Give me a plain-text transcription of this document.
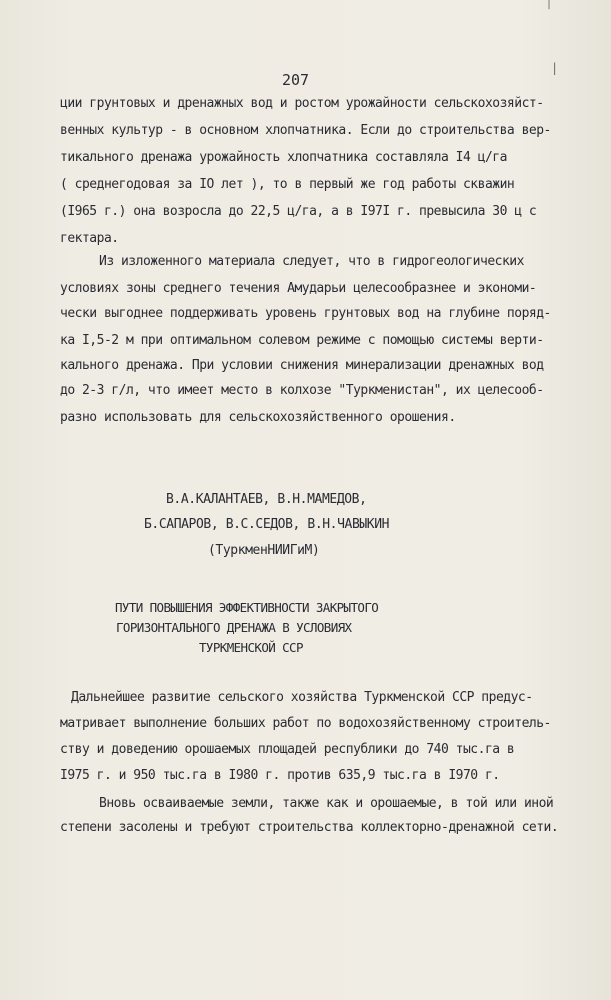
|
|
207
ции грунтовых и дренажных вод и ростом урожайности сельскохозяйст-
венных культур - в основном хлопчатника. Если до строительства вер-
тикального дренажа урожайность хлопчатника составляла I4 ц/га
( среднегодовая за IO лет ), то в первый же год работы скважин
(I965 г.) она возросла до 22,5 ц/га, а в I97I г. превысила 30 ц с
гектара.
Из изложенного материала следует, что в гидрогеологических
условиях зоны среднего течения Амударьи целесообразнее и экономи-
чески выгоднее поддерживать уровень грунтовых вод на глубине поряд-
ка I,5-2 м при оптимальном солевом режиме с помощью системы верти-
кального дренажа. При условии снижения минерализации дренажных вод
до 2-3 г/л, что имеет место в колхозе "Туркменистан", их целесооб-
разно использовать для сельскохозяйственного орошения.
В.А.КАЛАНТАЕВ, В.Н.МАМЕДОВ,
Б.САПАРОВ, В.С.СЕДОВ, В.Н.ЧАВЫКИН
(ТуркменНИИГиМ)
ПУТИ ПОВЫШЕНИЯ ЭФФЕКТИВНОСТИ ЗАКРЫТОГО
ГОРИЗОНТАЛЬНОГО ДРЕНАЖА В УСЛОВИЯХ
ТУРКМЕНСКОЙ ССР
Дальнейшее развитие сельского хозяйства Туркменской ССР предус-
матривает выполнение больших работ по водохозяйственному строитель-
ству и доведению орошаемых площадей республики до 740 тыс.га в
I975 г. и 950 тыс.га в I980 г. против 635,9 тыс.га в I970 г.
Вновь осваиваемые земли, также как и орошаемые, в той или иной
степени засолены и требуют строительства коллекторно-дренажной сети.
